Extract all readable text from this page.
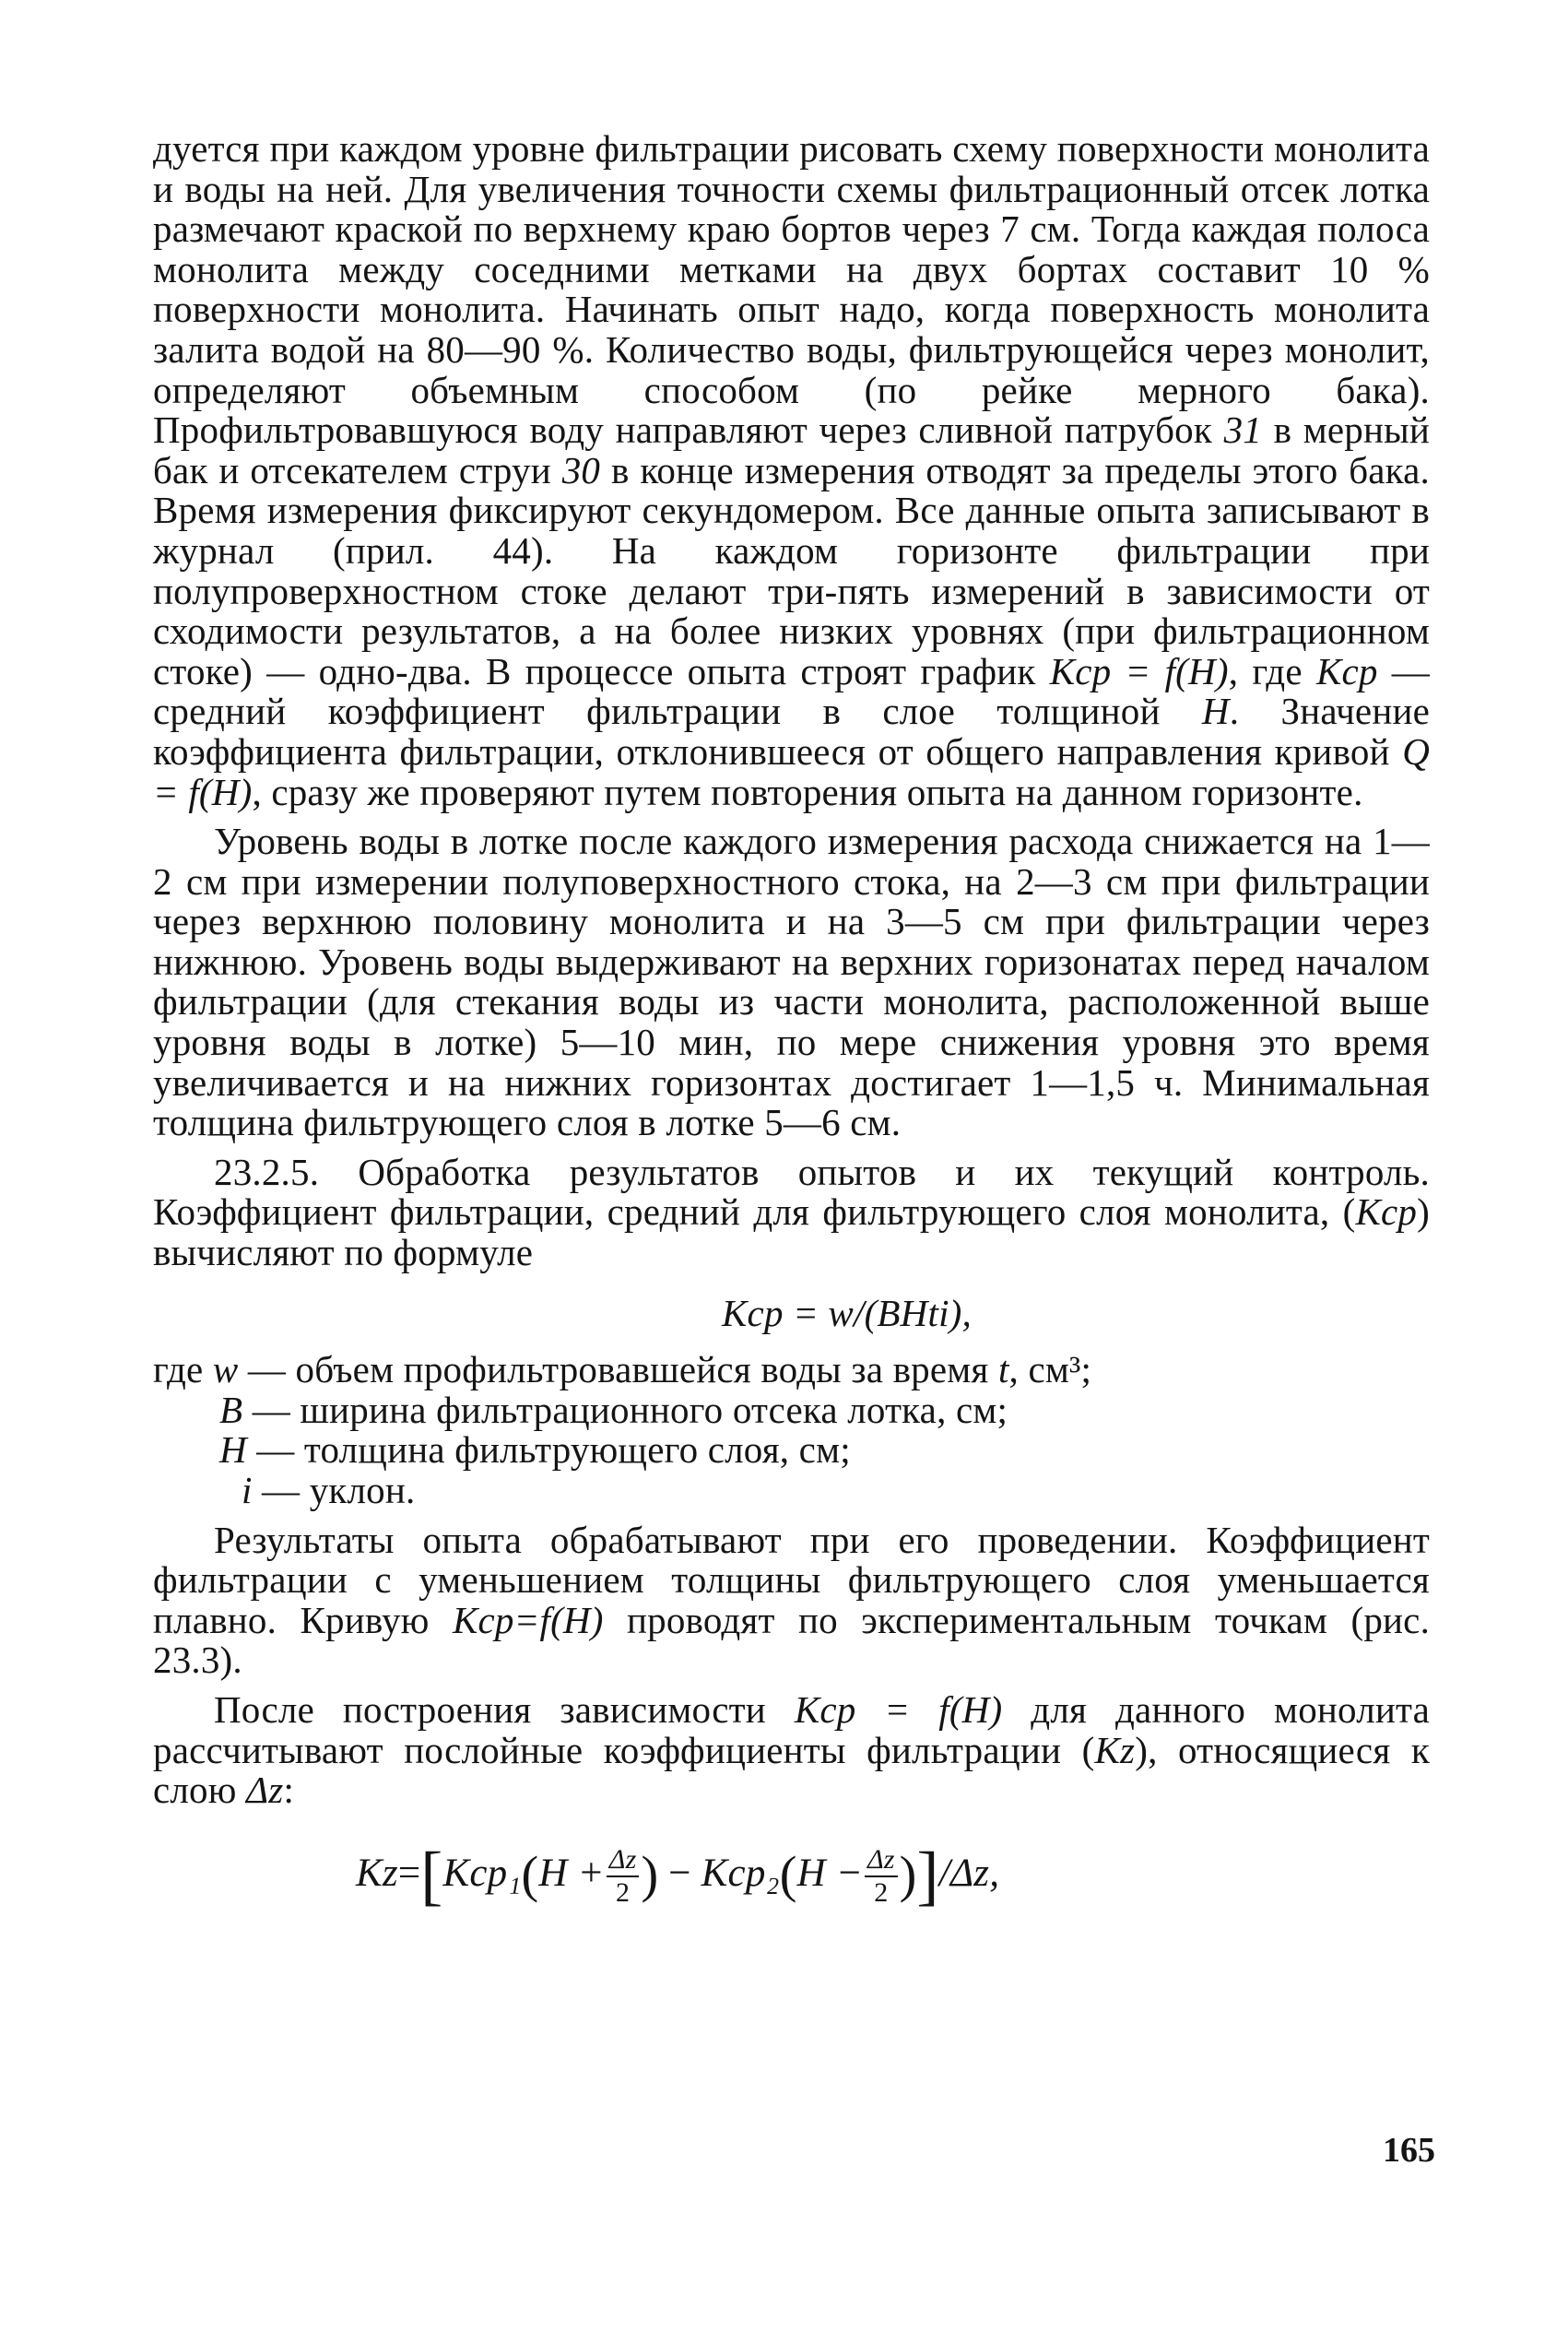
дуется при каждом уровне фильтрации рисовать схему поверхности монолита и воды на ней. Для увеличения точности схемы фильтрационный отсек лотка размечают краской по верхнему краю бортов через 7 см. Тогда каждая полоса монолита между соседними метками на двух бортах составит 10 % поверхности монолита. Начинать опыт надо, когда поверхность монолита залита водой на 80—90 %. Количество воды, фильтрующейся через монолит, определяют объемным способом (по рейке мерного бака). Профильтровавшуюся воду направляют через сливной патрубок 31 в мерный бак и отсекателем струи 30 в конце измерения отводят за пределы этого бака. Время измерения фиксируют секундомером. Все данные опыта записывают в журнал (прил. 44). На каждом горизонте фильтрации при полупроверхностном стоке делают три-пять измерений в зависимости от сходимости результатов, а на более низких уровнях (при фильтрационном стоке) — одно-два. В процессе опыта строят график Kср = f(H), где Kср — средний коэффициент фильтрации в слое толщиной H. Значение коэффициента фильтрации, отклонившееся от общего направления кривой Q = f(H), сразу же проверяют путем повторения опыта на данном горизонте.

Уровень воды в лотке после каждого измерения расхода снижается на 1—2 см при измерении полуповерхностного стока, на 2—3 см при фильтрации через верхнюю половину монолита и на 3—5 см при фильтрации через нижнюю. Уровень воды выдерживают на верхних горизонатах перед началом фильтрации (для стекания воды из части монолита, расположенной выше уровня воды в лотке) 5—10 мин, по мере снижения уровня это время увеличивается и на нижних горизонтах достигает 1—1,5 ч. Минимальная толщина фильтрующего слоя в лотке 5—6 см.

23.2.5. Обработка результатов опытов и их текущий контроль. Коэффициент фильтрации, средний для фильтрующего слоя монолита, (Kср) вычисляют по формуле

Kср = w/(BHti),

где w — объем профильтровавшейся воды за время t, см³;
B — ширина фильтрационного отсека лотка, см;
H — толщина фильтрующего слоя, см;
i — уклон.

Результаты опыта обрабатывают при его проведении. Коэффициент фильтрации с уменьшением толщины фильтрующего слоя уменьшается плавно. Кривую Kср=f(H) проводят по экспериментальным точкам (рис. 23.3).

После построения зависимости Kср = f(H) для данного монолита рассчитывают послойные коэффициенты фильтрации (Kz), относящиеся к слою Δz:

$Kz=[Kср_1(H + \frac{\Delta z}{2}$ ) − $Kср_2(H - \frac{\Delta z}{2} )]/\Delta z$,

165
